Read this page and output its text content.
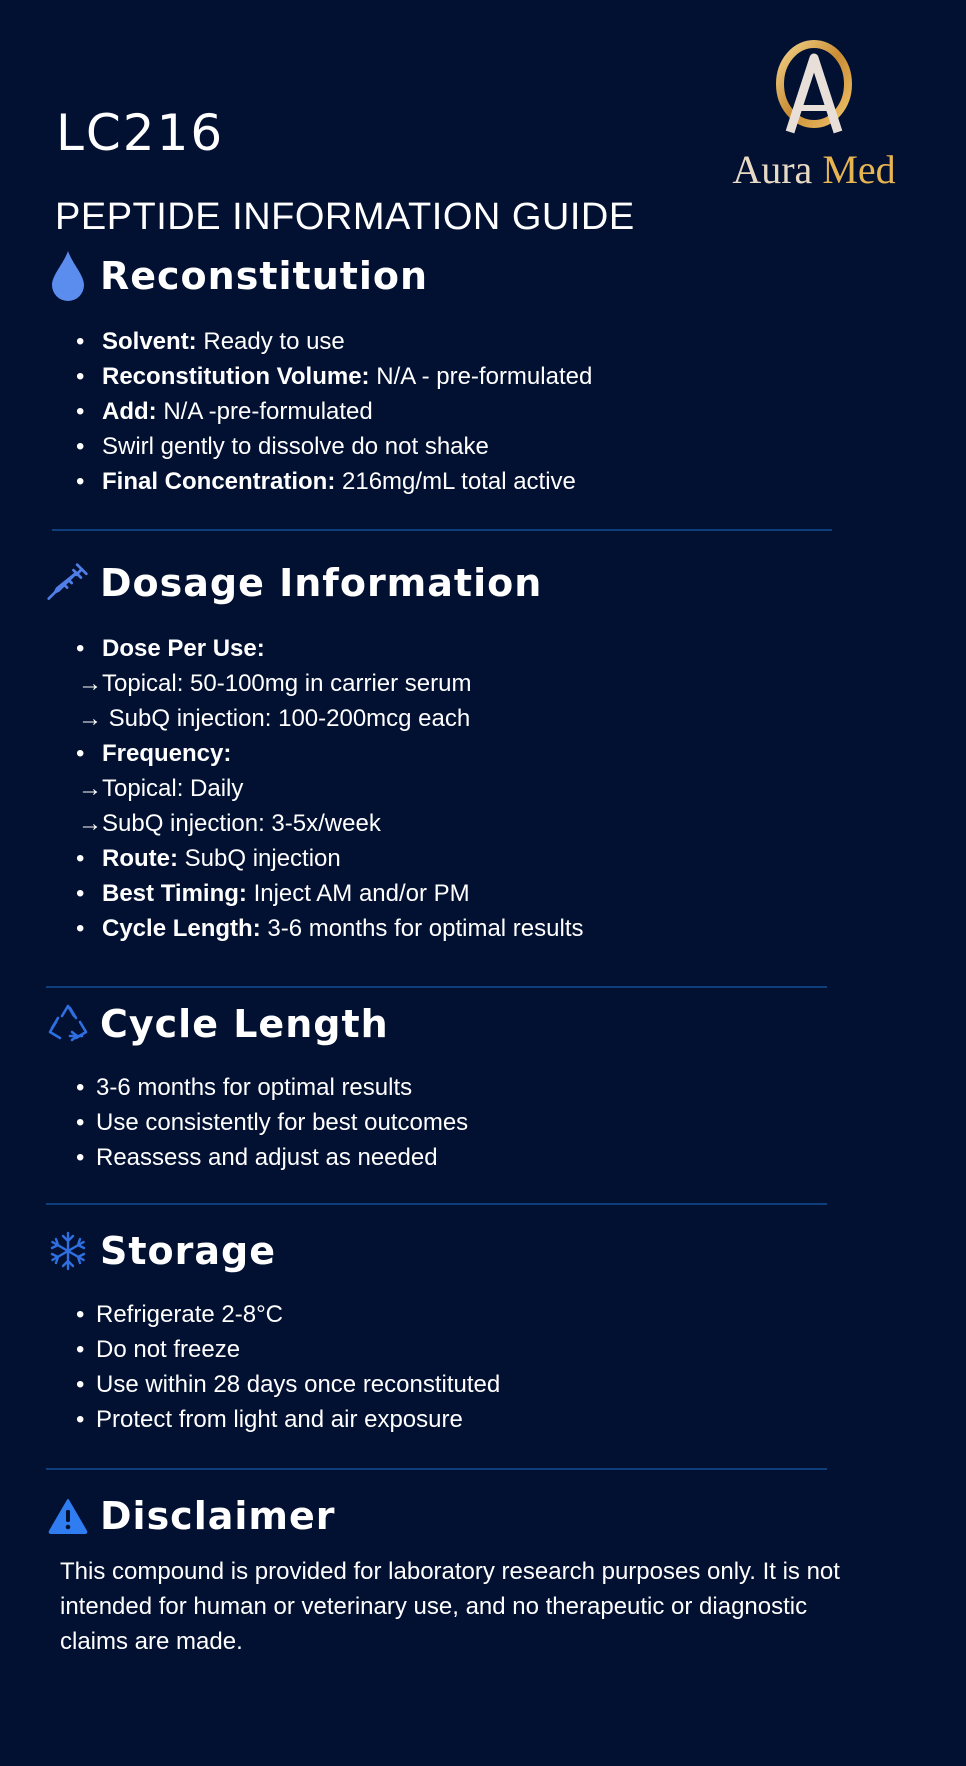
LC216
PEPTIDE INFORMATION GUIDE
Aura Med
Reconstitution
• Solvent: Ready to use
• Reconstitution Volume: N/A - pre-formulated
• Add: N/A -pre-formulated
• Swirl gently to dissolve do not shake
• Final Concentration: 216mg/mL total active
Dosage Information
• Dose Per Use:
→Topical: 50-100mg in carrier serum
→ SubQ injection: 100-200mcg each
• Frequency:
→Topical: Daily
→SubQ injection: 3-5x/week
• Route: SubQ injection
• Best Timing: Inject AM and/or PM
• Cycle Length: 3-6 months for optimal results
Cycle Length
• 3-6 months for optimal results
• Use consistently for best outcomes
• Reassess and adjust as needed
Storage
• Refrigerate 2-8°C
• Do not freeze
• Use within 28 days once reconstituted
• Protect from light and air exposure
Disclaimer

This compound is provided for laboratory research purposes only. It is not intended for human or veterinary use, and no therapeutic or diagnostic claims are made.
